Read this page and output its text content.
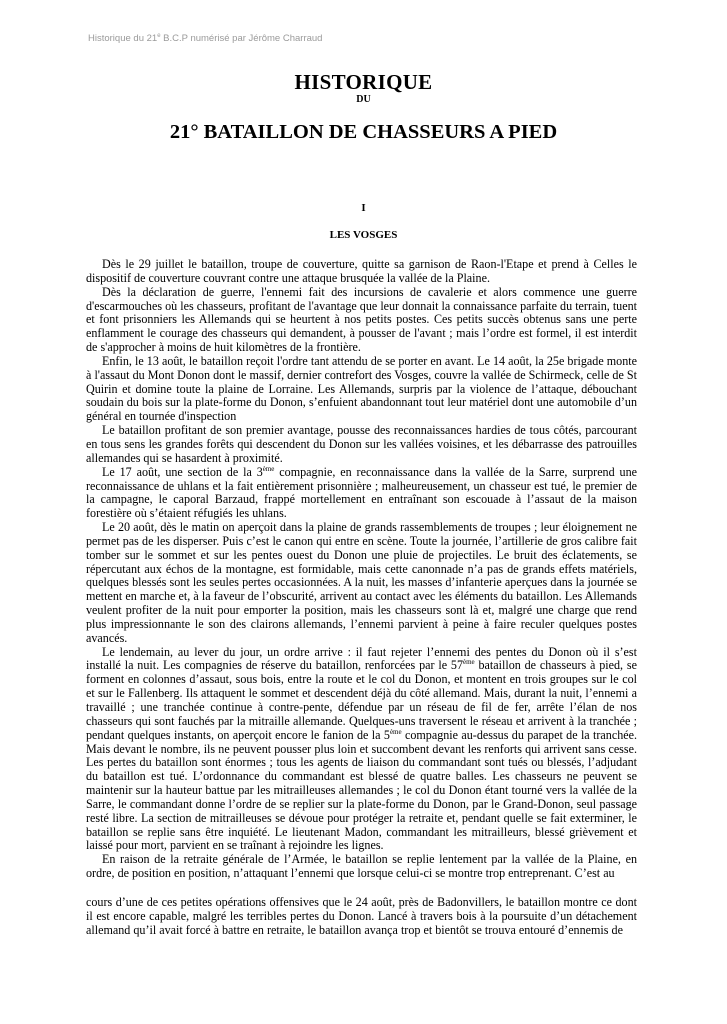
Historique du 21e B.C.P numérisé par Jérôme Charraud
HISTORIQUE
DU
21° BATAILLON DE CHASSEURS A PIED
I
LES VOSGES

Dès le 29 juillet le bataillon, troupe de couverture, quitte sa garnison de Raon-l'Etape et prend à Celles le dispositif de couverture couvrant contre une attaque brusquée la vallée de la Plaine.

Dès la déclaration de guerre, l'ennemi fait des incursions de cavalerie et alors commence une guerre d'escarmouches où les chasseurs, profitant de l'avantage que leur donnait la connaissance parfaite du terrain, tuent et font prisonniers les Allemands qui se heurtent à nos petits postes. Ces petits succès obtenus sans une perte enflamment le courage des chasseurs qui demandent, à pousser de l'avant ; mais l’ordre est formel, il est interdit de s'approcher à moins de huit kilomètres de la frontière.

Enfin, le 13 août, le bataillon reçoit l'ordre tant attendu de se porter en avant. Le 14 août, la 25e brigade monte à l'assaut du Mont Donon dont le massif, dernier contrefort des Vosges, couvre la vallée de Schirmeck, celle de St Quirin et domine toute la plaine de Lorraine. Les Allemands, surpris par la violence de l’attaque, débouchant soudain du bois sur la plate-forme du Donon, s’enfuient abandonnant tout leur matériel dont une automobile d’un général en tournée d'inspection

Le bataillon profitant de son premier avantage, pousse des reconnaissances hardies de tous côtés, parcourant en tous sens les grandes forêts qui descendent du Donon sur les vallées voisines, et les débarrasse des patrouilles allemandes qui se hasardent à proximité.

Le 17 août, une section de la 3ème compagnie, en reconnaissance dans la vallée de la Sarre, surprend une reconnaissance de uhlans et la fait entièrement prisonnière ; malheureusement, un chasseur est tué, le premier de la campagne, le caporal Barzaud, frappé mortellement en entraînant son escouade à l’assaut de la maison forestière où s’étaient réfugiés les uhlans.

Le 20 août, dès le matin on aperçoit dans la plaine de grands rassemblements de troupes ; leur éloignement ne permet pas de les disperser. Puis c’est le canon qui entre en scène. Toute la journée, l’artillerie de gros calibre fait tomber sur le sommet et sur les pentes ouest du Donon une pluie de projectiles. Le bruit des éclatements, se répercutant aux échos de la montagne, est formidable, mais cette canonnade n’a pas de grands effets matériels, quelques blessés sont les seules pertes occasionnées. A la nuit, les masses d’infanterie aperçues dans la journée se mettent en marche et, à la faveur de l’obscurité, arrivent au contact avec les éléments du bataillon. Les Allemands veulent profiter de la nuit pour emporter la position, mais les chasseurs sont là et, malgré une charge que rend plus impressionnante le son des clairons allemands, l’ennemi parvient à peine à faire reculer quelques postes avancés.

Le lendemain, au lever du jour, un ordre arrive : il faut rejeter l’ennemi des pentes du Donon où il s’est installé la nuit. Les compagnies de réserve du bataillon, renforcées par le 57ème bataillon de chasseurs à pied, se forment en colonnes d’assaut, sous bois, entre la route et le col du Donon, et montent en trois groupes sur le col et sur le Fallenberg. Ils attaquent le sommet et descendent déjà du côté allemand. Mais, durant la nuit, l’ennemi a travaillé ; une tranchée continue à contre-pente, défendue par un réseau de fil de fer, arrête l’élan de nos chasseurs qui sont fauchés par la mitraille allemande. Quelques-uns traversent le réseau et arrivent à la tranchée ; pendant quelques instants, on aperçoit encore le fanion de la 5ème compagnie au-dessus du parapet de la tranchée. Mais devant le nombre, ils ne peuvent pousser plus loin et succombent devant les renforts qui arrivent sans cesse. Les pertes du bataillon sont énormes ; tous les agents de liaison du commandant sont tués ou blessés, l’adjudant du bataillon est tué. L’ordonnance du commandant est blessé de quatre balles. Les chasseurs ne peuvent se maintenir sur la hauteur battue par les mitrailleuses allemandes ; le col du Donon étant tourné vers la vallée de la Sarre, le commandant donne l’ordre de se replier sur la plate-forme du Donon, par le Grand-Donon, seul passage resté libre. La section de mitrailleuses se dévoue pour protéger la retraite et, pendant quelle se fait exterminer, le bataillon se replie sans être inquiété. Le lieutenant Madon, commandant les mitrailleurs, blessé grièvement et laissé pour mort, parvient en se traînant à rejoindre les lignes.

En raison de la retraite générale de l’Armée, le bataillon se replie lentement par la vallée de la Plaine, en ordre, de position en position, n’attaquant l’ennemi que lorsque celui-ci se montre trop entreprenant. C’est au

cours d’une de ces petites opérations offensives que le 24 août, près de Badonvillers, le bataillon montre ce dont il est encore capable, malgré les terribles pertes du Donon. Lancé à travers bois à la poursuite d’un détachement allemand qu’il avait forcé à battre en retraite, le bataillon avança trop et bientôt se trouva entouré d’ennemis de
